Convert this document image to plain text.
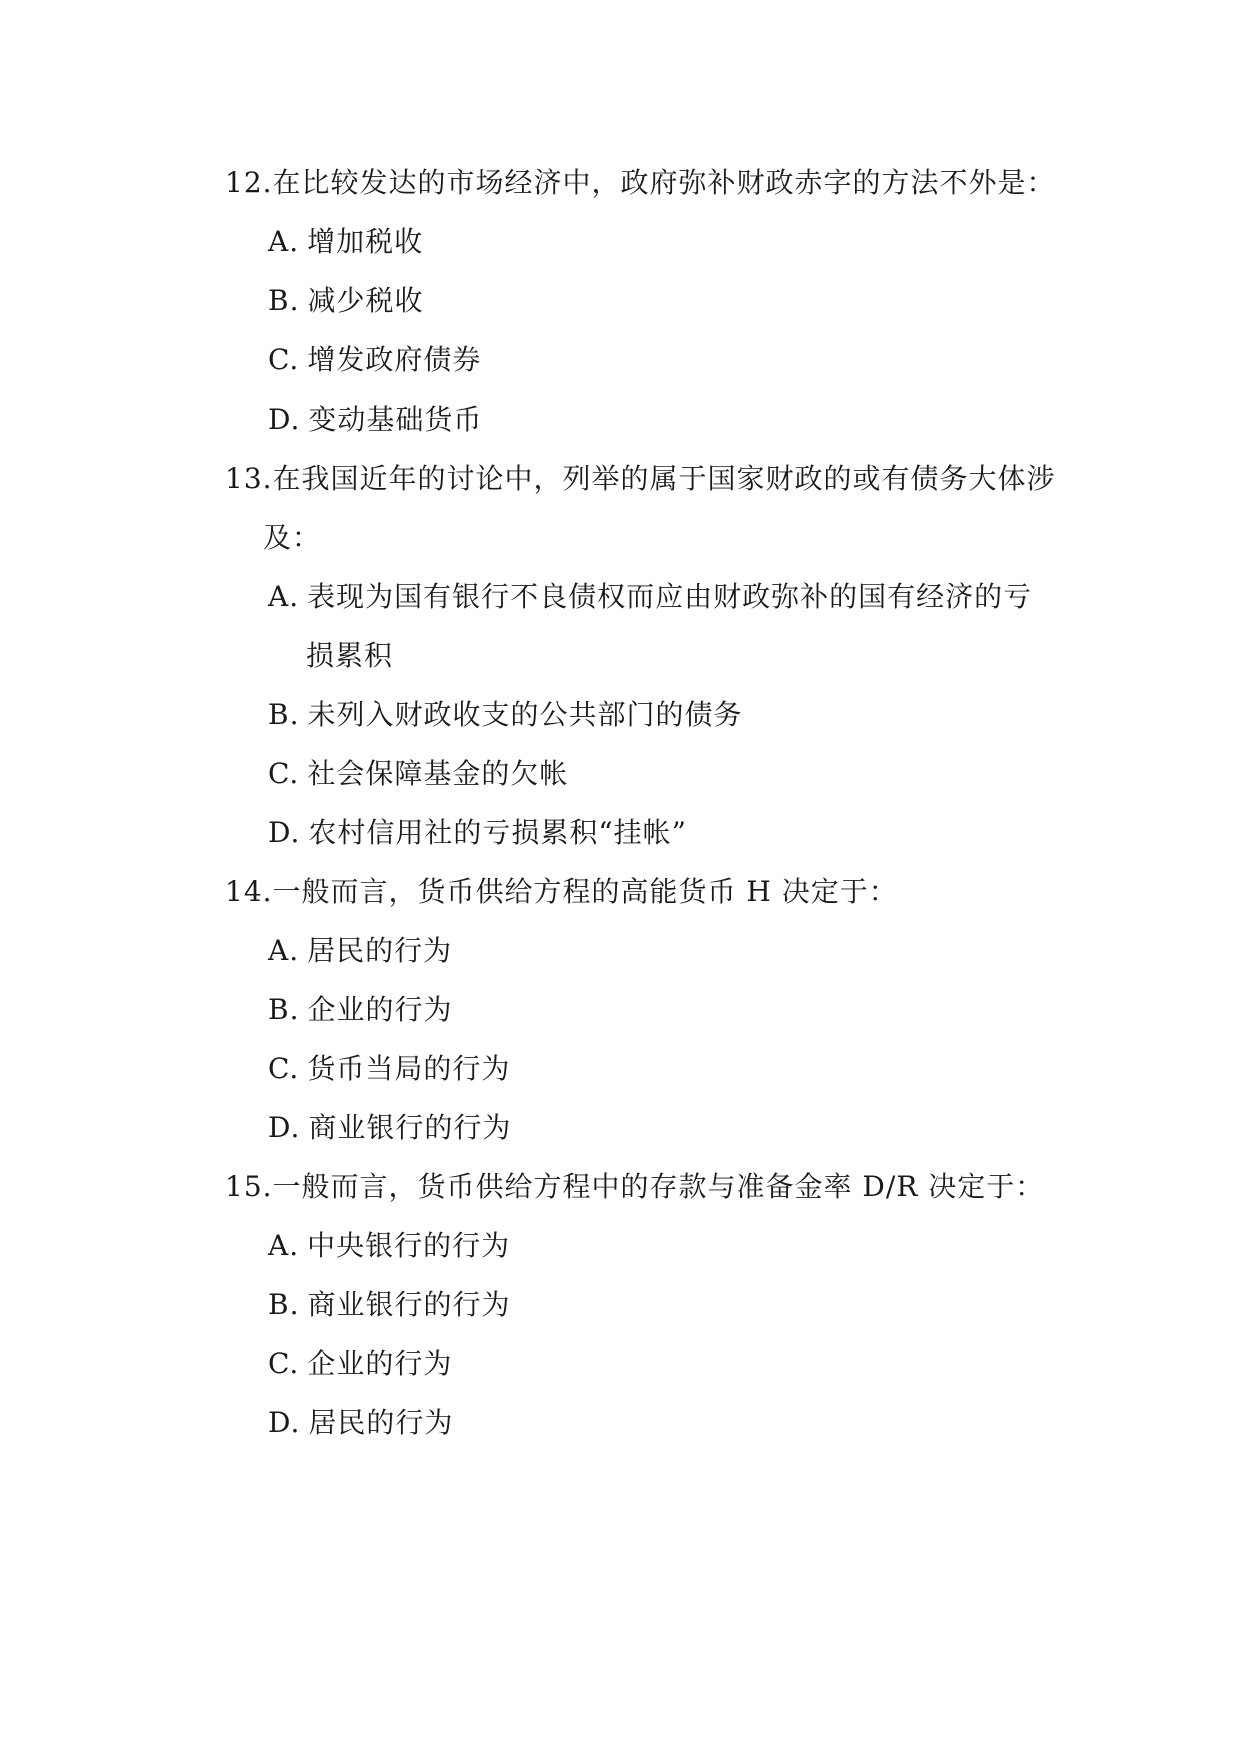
12.在比较发达的市场经济中，政府弥补财政赤字的方法不外是：
A. 增加税收
B. 减少税收
C. 增发政府债券
D. 变动基础货币
13.在我国近年的讨论中，列举的属于国家财政的或有债务大体涉
及：
A. 表现为国有银行不良债权而应由财政弥补的国有经济的亏
损累积
B. 未列入财政收支的公共部门的债务
C. 社会保障基金的欠帐
D. 农村信用社的亏损累积“挂帐”
14.一般而言，货币供给方程的高能货币 H 决定于：
A. 居民的行为
B. 企业的行为
C. 货币当局的行为
D. 商业银行的行为
15.一般而言，货币供给方程中的存款与准备金率 D/R 决定于：
A. 中央银行的行为
B. 商业银行的行为
C. 企业的行为
D. 居民的行为
